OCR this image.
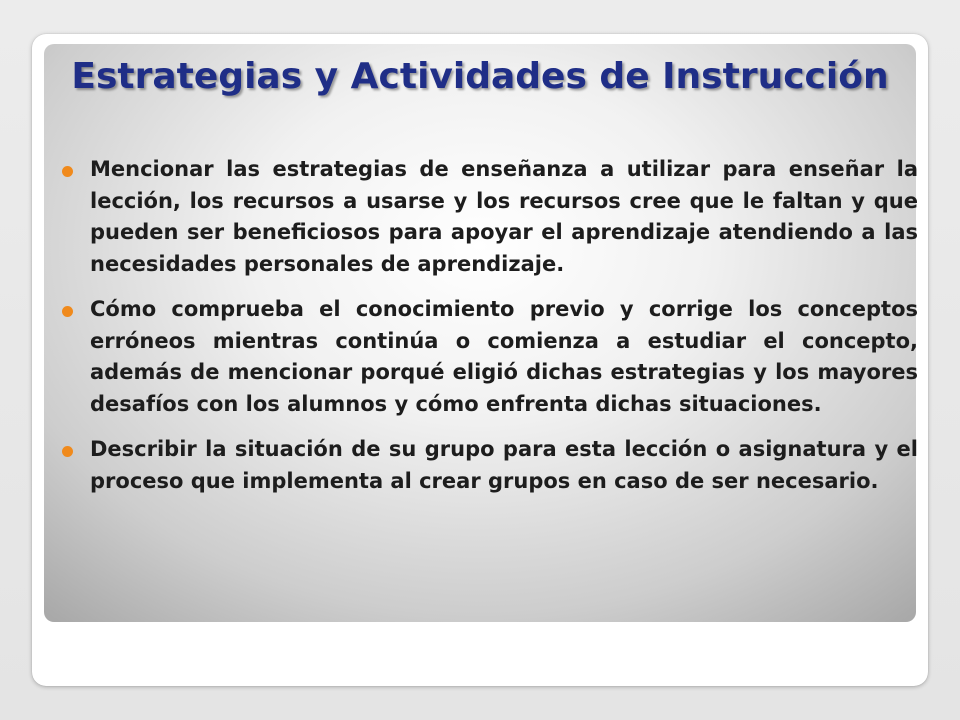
Estrategias y Actividades de Instrucción
Mencionar las estrategias de enseñanza a utilizar para enseñar la lección, los recursos a usarse y los recursos cree que le faltan y que pueden ser beneficiosos para apoyar el aprendizaje atendiendo a las necesidades personales de aprendizaje.
Cómo comprueba el conocimiento previo y corrige los conceptos erróneos mientras continúa o comienza a estudiar el concepto, además de mencionar porqué eligió dichas estrategias y los mayores desafíos con los alumnos y cómo enfrenta dichas situaciones.
Describir la situación de su grupo para esta lección o asignatura y el proceso que implementa al crear grupos en caso de ser necesario.
